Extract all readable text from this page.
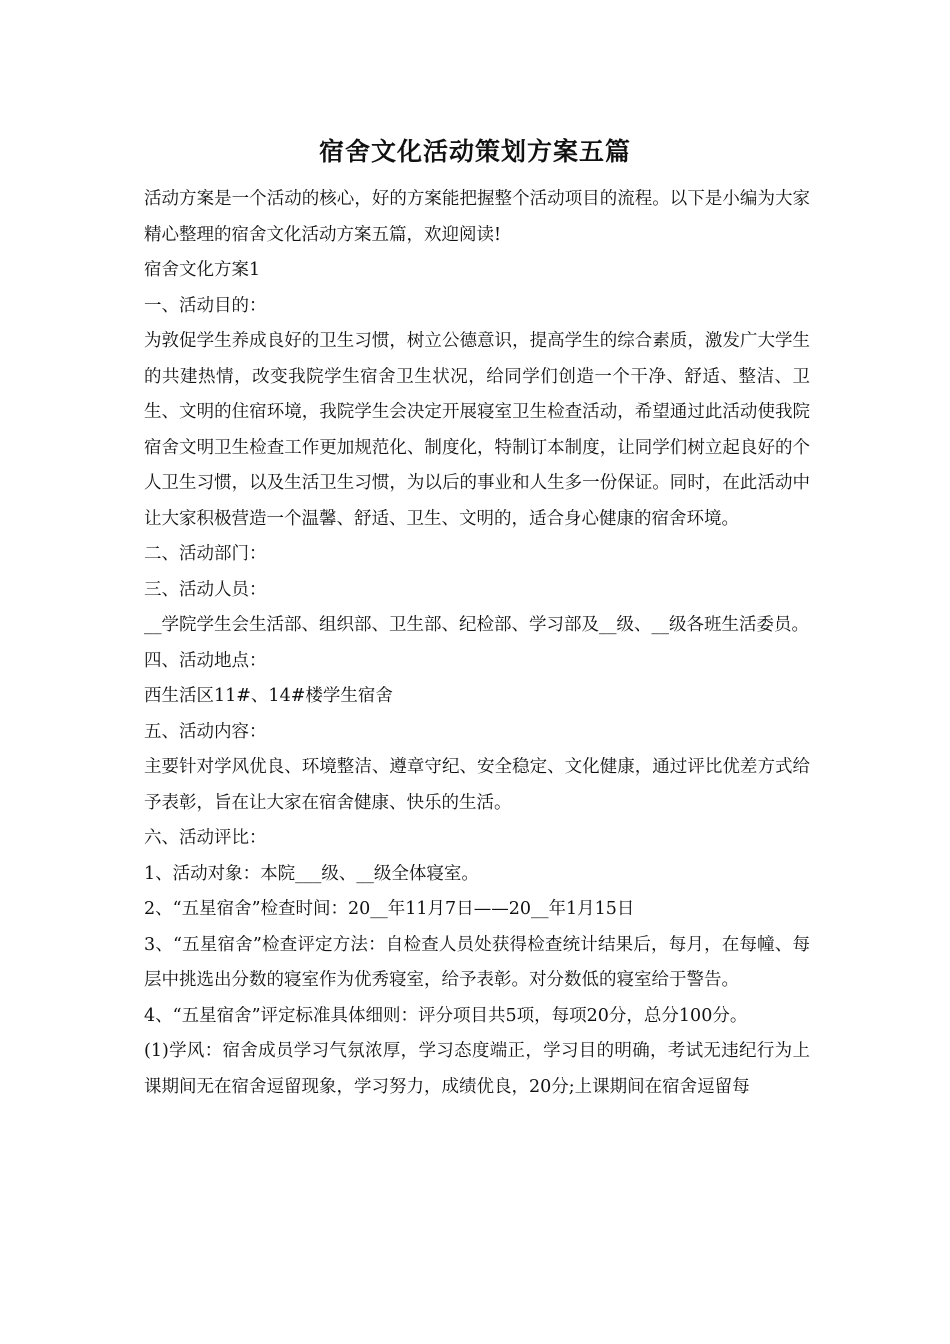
宿舍文化活动策划方案五篇

活动方案是一个活动的核心，好的方案能把握整个活动项目的流程。以下是小编为大家精心整理的宿舍文化活动方案五篇，欢迎阅读!

宿舍文化方案1

一、活动目的：

为敦促学生养成良好的卫生习惯，树立公德意识，提高学生的综合素质，激发广大学生的共建热情，改变我院学生宿舍卫生状况，给同学们创造一个干净、舒适、整洁、卫生、文明的住宿环境，我院学生会决定开展寝室卫生检查活动，希望通过此活动使我院宿舍文明卫生检查工作更加规范化、制度化，特制订本制度，让同学们树立起良好的个人卫生习惯，以及生活卫生习惯，为以后的事业和人生多一份保证。同时，在此活动中让大家积极营造一个温馨、舒适、卫生、文明的，适合身心健康的宿舍环境。

二、活动部门：

三、活动人员：

__学院学生会生活部、组织部、卫生部、纪检部、学习部及__级、__级各班生活委员。

四、活动地点：

西生活区11#、14#楼学生宿舍

五、活动内容：

主要针对学风优良、环境整洁、遵章守纪、安全稳定、文化健康，通过评比优差方式给予表彰，旨在让大家在宿舍健康、快乐的生活。

六、活动评比：

1、活动对象：本院___级、__级全体寝室。

2、“五星宿舍”检查时间：20__年11月7日——20__年1月15日

3、“五星宿舍”检查评定方法：自检查人员处获得检查统计结果后，每月，在每幢、每层中挑选出分数的寝室作为优秀寝室，给予表彰。对分数低的寝室给于警告。

4、“五星宿舍”评定标准具体细则：评分项目共5项，每项20分，总分100分。

(1)学风：宿舍成员学习气氛浓厚，学习态度端正，学习目的明确，考试无违纪行为上课期间无在宿舍逗留现象，学习努力，成绩优良，20分;上课期间在宿舍逗留每
